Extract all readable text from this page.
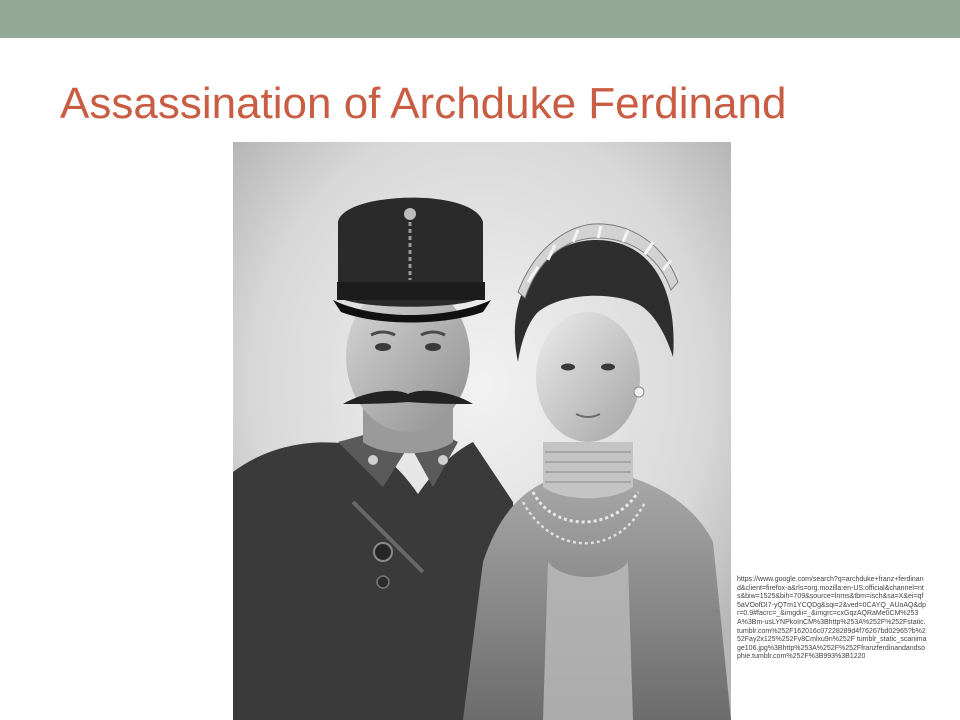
Assassination of Archduke Ferdinand

https://www.google.com/search?q=archduke+franz+ferdinand&client=firefox-a&rls=org.mozilla:en-US:official&channel=nts&biw=1525&bih=709&source=lnms&tbm=isch&sa=X&ei=qf5aVOofDI7-yQTm1YCQDg&sqi=2&ved=0CAYQ_AUoAQ&dpr=0.9#facrc=_&imgdii=_&imgrc=cxGqzAQRaMe0CM%253A%3Bm-usLYNPkoInCM%3Bhttp%253A%252F%252Fstatic.tumblr.com%252F162016c07228289d4f76267bd02965?b%252Fay2x125%252Fv8Cmlxu9n%252F tumblr_static_scanimage106.jpg%3Bhttp%253A%252F%252Ffranzferdinandandsophie.tumblr.com%252F%3B993%3B1220
